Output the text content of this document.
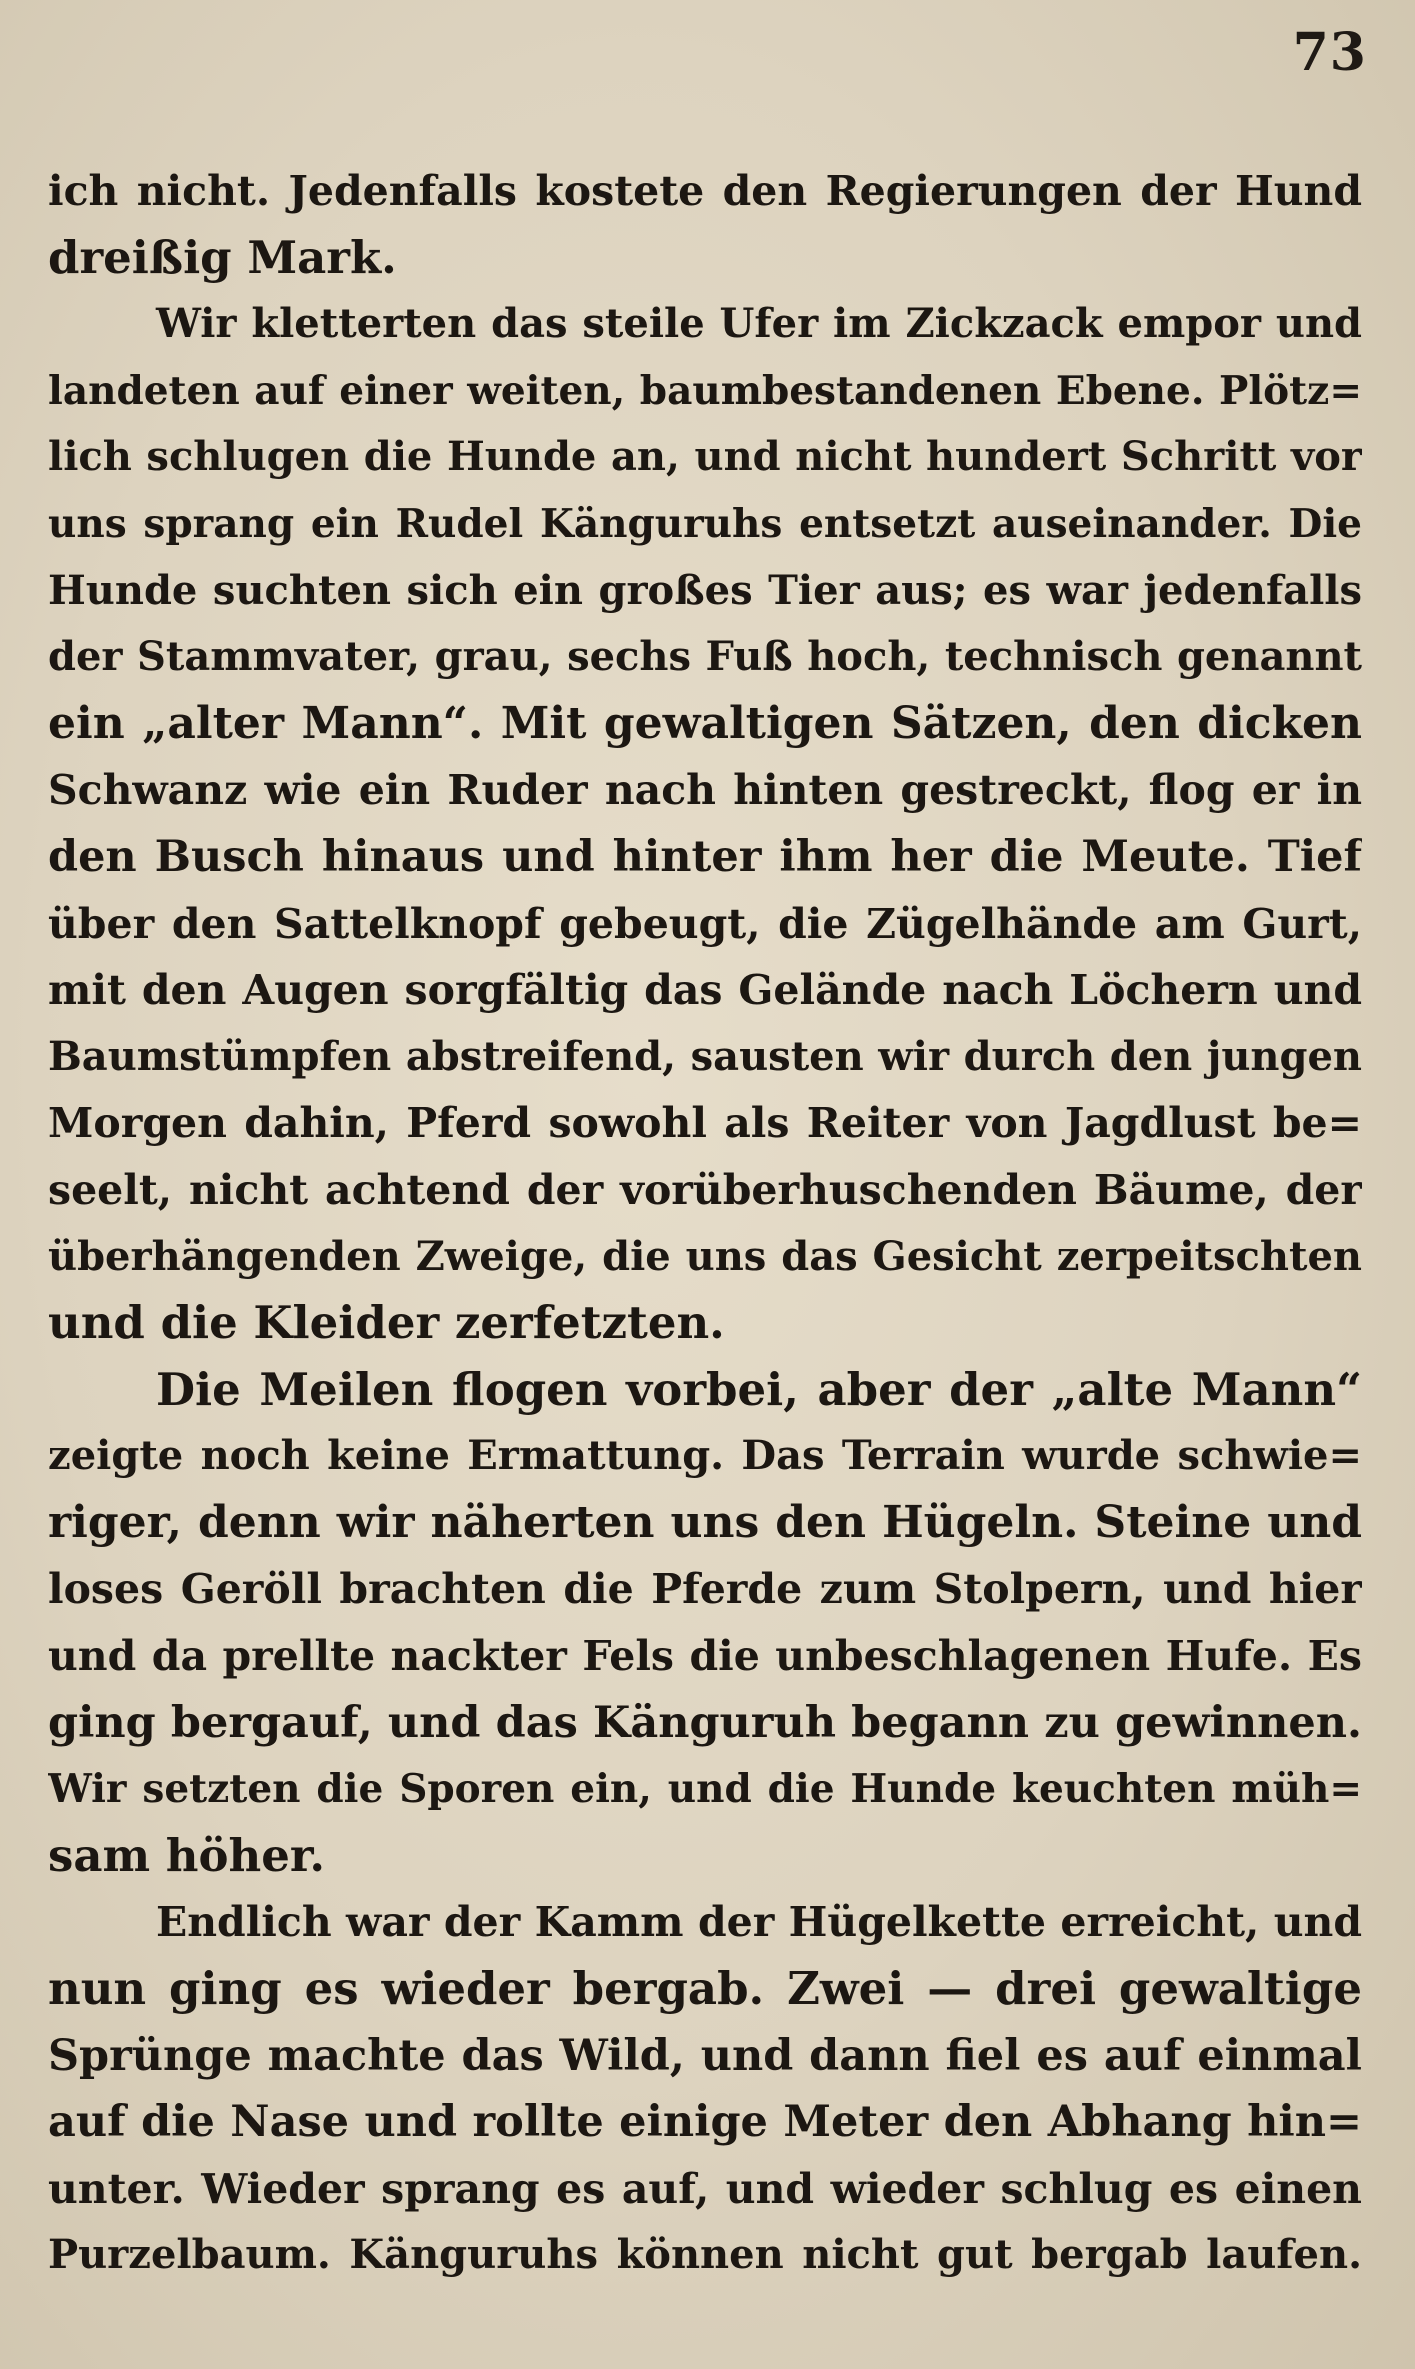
73
ich nicht. Jedenfalls kostete den Regierungen der Hund
dreißig Mark.
Wir kletterten das steile Ufer im Zickzack empor und
landeten auf einer weiten, baumbestandenen Ebene. Plötz=
lich schlugen die Hunde an, und nicht hundert Schritt vor
uns sprang ein Rudel Känguruhs entsetzt auseinander. Die
Hunde suchten sich ein großes Tier aus; es war jedenfalls
der Stammvater, grau, sechs Fuß hoch, technisch genannt
ein „alter Mann“. Mit gewaltigen Sätzen, den dicken
Schwanz wie ein Ruder nach hinten gestreckt, flog er in
den Busch hinaus und hinter ihm her die Meute. Tief
über den Sattelknopf gebeugt, die Zügelhände am Gurt,
mit den Augen sorgfältig das Gelände nach Löchern und
Baumstümpfen abstreifend, sausten wir durch den jungen
Morgen dahin, Pferd sowohl als Reiter von Jagdlust be=
seelt, nicht achtend der vorüberhuschenden Bäume, der
überhängenden Zweige, die uns das Gesicht zerpeitschten
und die Kleider zerfetzten.
Die Meilen flogen vorbei, aber der „alte Mann“
zeigte noch keine Ermattung. Das Terrain wurde schwie=
riger, denn wir näherten uns den Hügeln. Steine und
loses Geröll brachten die Pferde zum Stolpern, und hier
und da prellte nackter Fels die unbeschlagenen Hufe. Es
ging bergauf, und das Känguruh begann zu gewinnen.
Wir setzten die Sporen ein, und die Hunde keuchten müh=
sam höher.
Endlich war der Kamm der Hügelkette erreicht, und
nun ging es wieder bergab. Zwei — drei gewaltige
Sprünge machte das Wild, und dann fiel es auf einmal
auf die Nase und rollte einige Meter den Abhang hin=
unter. Wieder sprang es auf, und wieder schlug es einen
Purzelbaum. Känguruhs können nicht gut bergab laufen.
